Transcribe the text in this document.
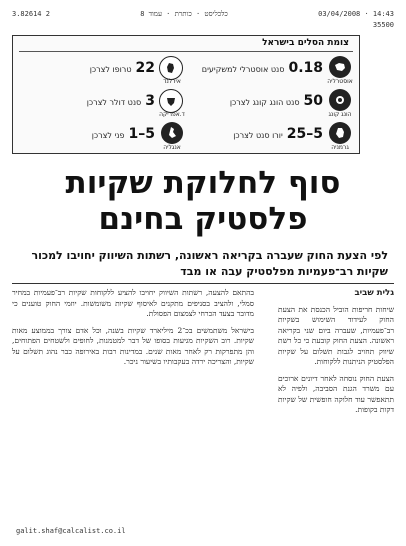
3.82614 2	כלכליסט · כותרת · עמוד 8	03/04/2008 · 14:43
35500
צומת הסלים בישראל
אוסטרליה
0.18
סנט אוסטרלי למשקיעים
אירלנד
22
טרופו לצרכן
הונג קונג
50
סנט הונג קונג לצרכן
ד.אפריקה
3
סנט דולר לצרכן
גרמניה
5–25
יורו סנט לצרכן
אנגליה
5–1
פני לצרכן
סוף לחלוקת שקיות
פלסטיק בחינם
לפי הצעת החוק שעברה בקריאה ראשונה, רשתות השיווק יחויבו למכור שקיות רב־פעמיות מפלסטיק עבה או מבד
גלית שביב
שיחות חריפות הוביל הכנסת את הצעת החוק לעידוד השימוש בשקיות רב־פעמיות, שעברה ביום שני בקריאה ראשונה. הצעת החוק קובעת כי כל רשת שיווק תחויב לגבות תשלום על שקיות הפלסטיק הניתנות ללקוחות.
הצעת החוק נוסחה לאחר דיונים ארוכים עם משרד הגנת הסביבה, ולפיה לא תתאפשר עוד חלוקה חופשית של שקיות דקות בקופות.
בהתאם להצעה, רשתות השיווק יחויבו להציע ללקוחות שקיות רב־פעמיות במחיר סמלי, ולהציב בסניפים מתקנים לאיסוף שקיות משומשות. יוזמי החוק טוענים כי מדובר בצעד הכרחי לצמצום הפסולת.
בישראל משתמשים בכ־2 מיליארד שקיות בשנה, וכל אדם צורך בממוצע מאות שקיות. רוב השקיות מגיעות בסופו של דבר למטמנות, לחופים ולשטחים הפתוחים, והן מתפרקות רק לאחר מאות שנים. במדינות רבות באירופה כבר נהוג תשלום על שקיות, והצריכה ירדה בעקבותיו בשיעור ניכר.
galit.shaf@calcalist.co.il
